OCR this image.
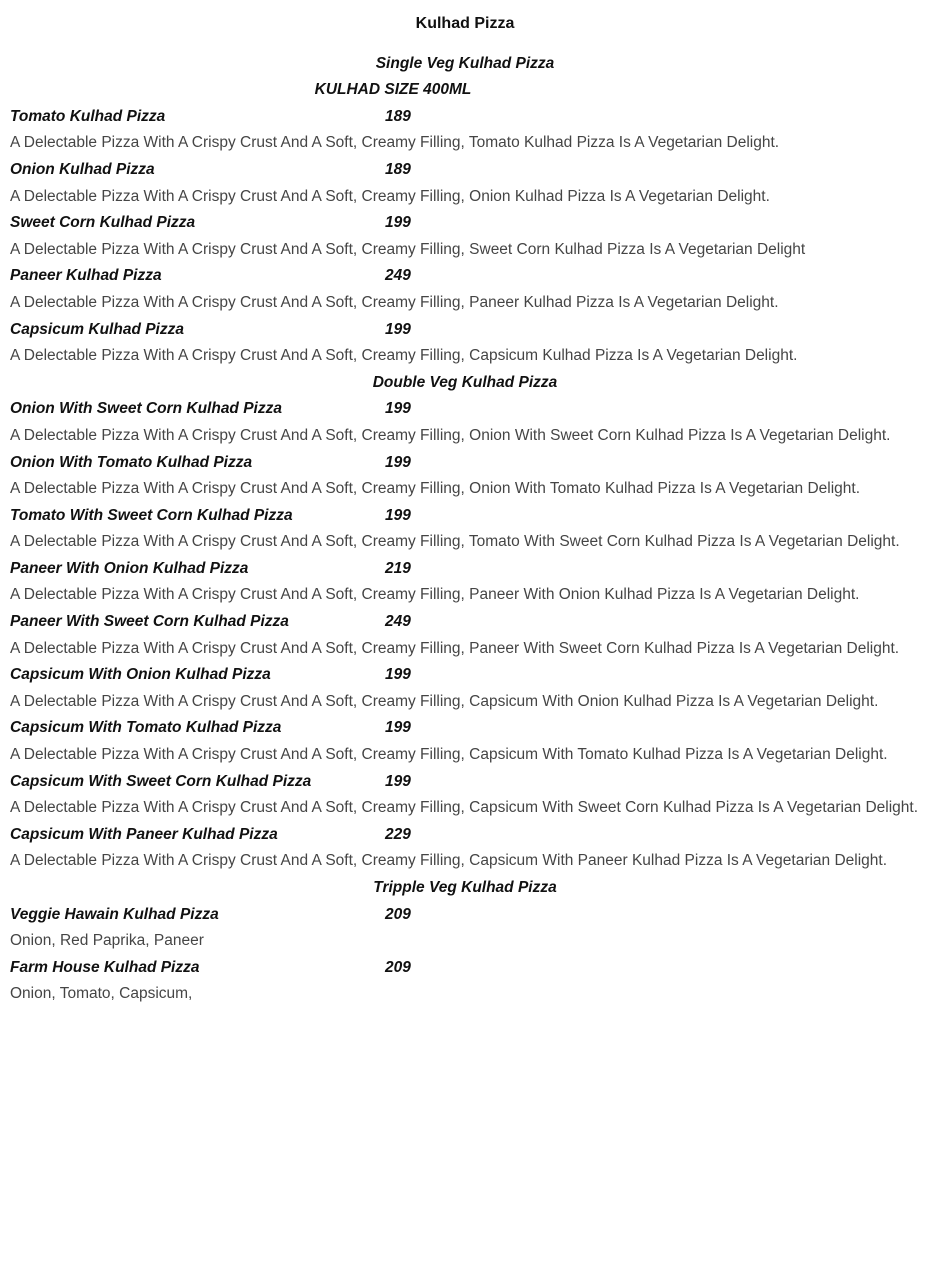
Kulhad Pizza
Single Veg Kulhad Pizza
KULHAD SIZE 400ML
Tomato Kulhad Pizza	189

A Delectable Pizza With A Crispy Crust And A Soft, Creamy Filling, Tomato Kulhad Pizza Is A Vegetarian Delight.

Onion Kulhad Pizza	189

A Delectable Pizza With A Crispy Crust And A Soft, Creamy Filling, Onion Kulhad Pizza Is A Vegetarian Delight.

Sweet Corn Kulhad Pizza	199

A Delectable Pizza With A Crispy Crust And A Soft, Creamy Filling, Sweet Corn Kulhad Pizza Is A Vegetarian Delight

Paneer Kulhad Pizza	249

A Delectable Pizza With A Crispy Crust And A Soft, Creamy Filling, Paneer Kulhad Pizza Is A Vegetarian Delight.

Capsicum Kulhad Pizza	199

A Delectable Pizza With A Crispy Crust And A Soft, Creamy Filling, Capsicum Kulhad Pizza Is A Vegetarian Delight.

Double Veg Kulhad Pizza
Onion With Sweet Corn Kulhad Pizza	199

A Delectable Pizza With A Crispy Crust And A Soft, Creamy Filling, Onion With Sweet Corn Kulhad Pizza Is A Vegetarian Delight.

Onion With Tomato Kulhad Pizza	199

A Delectable Pizza With A Crispy Crust And A Soft, Creamy Filling, Onion With Tomato Kulhad Pizza Is A Vegetarian Delight.

Tomato With Sweet Corn Kulhad Pizza	199

A Delectable Pizza With A Crispy Crust And A Soft, Creamy Filling, Tomato With Sweet Corn Kulhad Pizza Is A Vegetarian Delight.

Paneer With Onion Kulhad Pizza	219

A Delectable Pizza With A Crispy Crust And A Soft, Creamy Filling, Paneer With Onion Kulhad Pizza Is A Vegetarian Delight.

Paneer With Sweet Corn Kulhad Pizza	249

A Delectable Pizza With A Crispy Crust And A Soft, Creamy Filling, Paneer With Sweet Corn Kulhad Pizza Is A Vegetarian Delight.

Capsicum With Onion Kulhad Pizza	199

A Delectable Pizza With A Crispy Crust And A Soft, Creamy Filling, Capsicum With Onion Kulhad Pizza Is A Vegetarian Delight.

Capsicum With Tomato Kulhad Pizza	199

A Delectable Pizza With A Crispy Crust And A Soft, Creamy Filling, Capsicum With Tomato Kulhad Pizza Is A Vegetarian Delight.

Capsicum With Sweet Corn Kulhad Pizza	199

A Delectable Pizza With A Crispy Crust And A Soft, Creamy Filling, Capsicum With Sweet Corn Kulhad Pizza Is A Vegetarian Delight.

Capsicum With Paneer Kulhad Pizza	229

A Delectable Pizza With A Crispy Crust And A Soft, Creamy Filling, Capsicum With Paneer Kulhad Pizza Is A Vegetarian Delight.

Tripple Veg Kulhad Pizza
Veggie Hawain Kulhad Pizza	209

Onion, Red Paprika, Paneer

Farm House Kulhad Pizza	209

Onion, Tomato, Capsicum,
